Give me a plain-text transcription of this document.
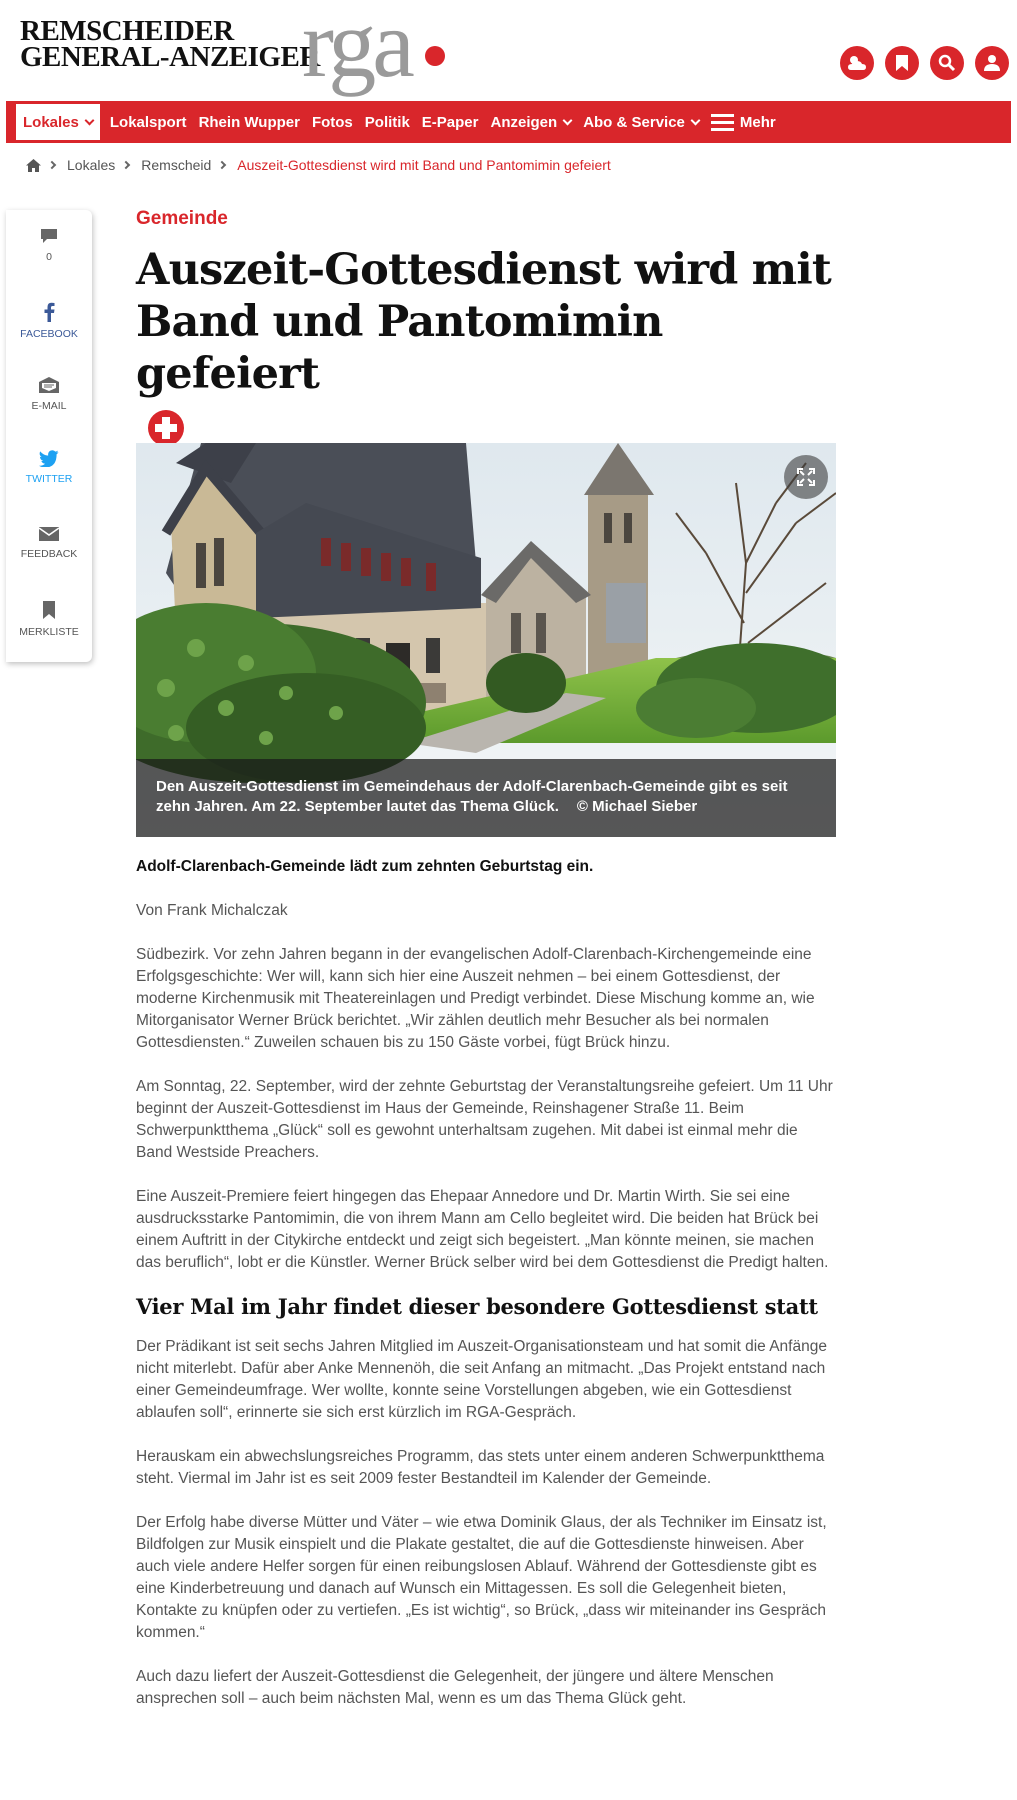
REMSCHEIDER
GENERAL-ANZEIGER
rga
Lokales	Lokalsport Rhein Wupper Fotos Politik E-Paper Anzeigen Abo & Service	Mehr
Lokales Remscheid Auszeit-Gottesdienst wird mit Band und Pantomimin gefeiert
0
FACEBOOK
E-MAIL
TWITTER
FEEDBACK
MERKLISTE
Gemeinde
Auszeit-Gottesdienst wird mit Band und Pantomimin gefeiert
Den Auszeit-Gottesdienst im Gemeindehaus der Adolf-Clarenbach-Gemeinde gibt es seit zehn Jahren. Am 22. September lautet das Thema Glück. © Michael Sieber

Adolf-Clarenbach-Gemeinde lädt zum zehnten Geburtstag ein.

Von Frank Michalczak

Südbezirk. Vor zehn Jahren begann in der evangelischen Adolf-Clarenbach-Kirchengemeinde eine Erfolgsgeschichte: Wer will, kann sich hier eine Auszeit nehmen – bei einem Gottesdienst, der moderne Kirchenmusik mit Theatereinlagen und Predigt verbindet. Diese Mischung komme an, wie Mitorganisator Werner Brück berichtet. „Wir zählen deutlich mehr Besucher als bei normalen Gottesdiensten.“ Zuweilen schauen bis zu 150 Gäste vorbei, fügt Brück hinzu.

Am Sonntag, 22. September, wird der zehnte Geburtstag der Veranstaltungsreihe gefeiert. Um 11 Uhr beginnt der Auszeit-Gottesdienst im Haus der Gemeinde, Reinshagener Straße 11. Beim Schwerpunktthema „Glück“ soll es gewohnt unterhaltsam zugehen. Mit dabei ist einmal mehr die Band Westside Preachers.

Eine Auszeit-Premiere feiert hingegen das Ehepaar Annedore und Dr. Martin Wirth. Sie sei eine ausdrucksstarke Pantomimin, die von ihrem Mann am Cello begleitet wird. Die beiden hat Brück bei einem Auftritt in der Citykirche entdeckt und zeigt sich begeistert. „Man könnte meinen, sie machen das beruflich“, lobt er die Künstler. Werner Brück selber wird bei dem Gottesdienst die Predigt halten.

Vier Mal im Jahr findet dieser besondere Gottesdienst statt

Der Prädikant ist seit sechs Jahren Mitglied im Auszeit-Organisationsteam und hat somit die Anfänge nicht miterlebt. Dafür aber Anke Mennenöh, die seit Anfang an mitmacht. „Das Projekt entstand nach einer Gemeindeumfrage. Wer wollte, konnte seine Vorstellungen abgeben, wie ein Gottesdienst ablaufen soll“, erinnerte sie sich erst kürzlich im RGA-Gespräch.

Herauskam ein abwechslungsreiches Programm, das stets unter einem anderen Schwerpunktthema steht. Viermal im Jahr ist es seit 2009 fester Bestandteil im Kalender der Gemeinde.

Der Erfolg habe diverse Mütter und Väter – wie etwa Dominik Glaus, der als Techniker im Einsatz ist, Bildfolgen zur Musik einspielt und die Plakate gestaltet, die auf die Gottesdienste hinweisen. Aber auch viele andere Helfer sorgen für einen reibungslosen Ablauf. Während der Gottesdienste gibt es eine Kinderbetreuung und danach auf Wunsch ein Mittagessen. Es soll die Gelegenheit bieten, Kontakte zu knüpfen oder zu vertiefen. „Es ist wichtig“, so Brück, „dass wir miteinander ins Gespräch kommen.“

Auch dazu liefert der Auszeit-Gottesdienst die Gelegenheit, der jüngere und ältere Menschen ansprechen soll – auch beim nächsten Mal, wenn es um das Thema Glück geht.
